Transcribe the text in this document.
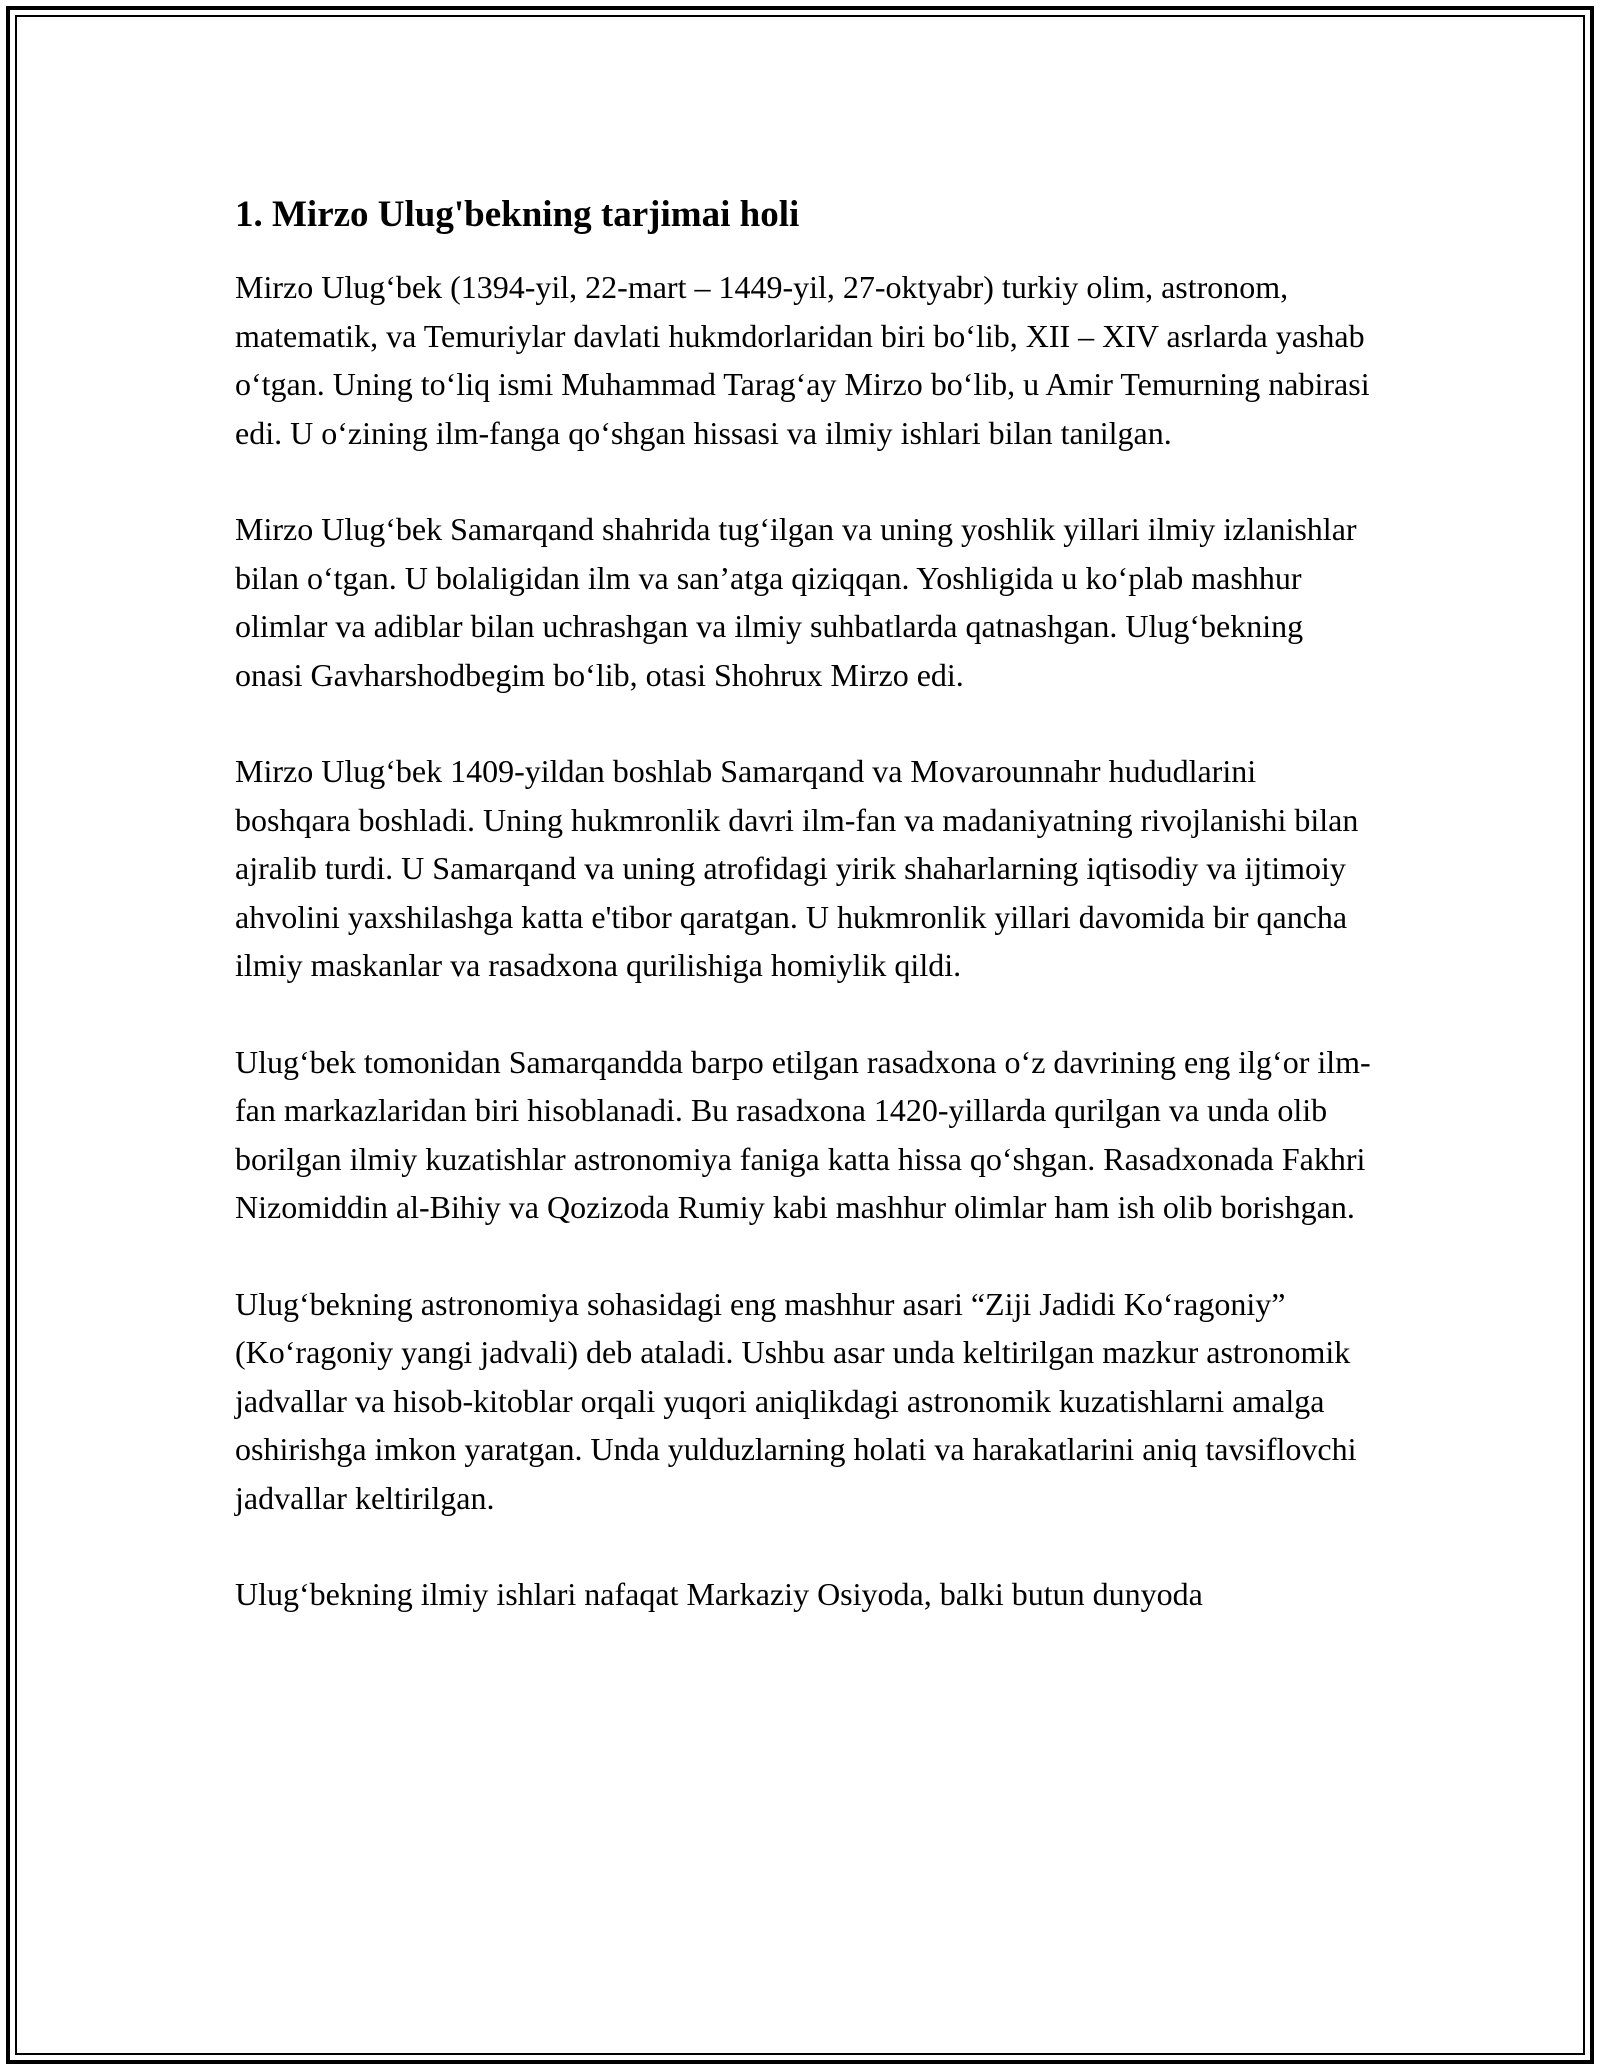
1. Mirzo Ulug'bekning tarjimai holi

Mirzo Ulug‘bek (1394-yil, 22-mart – 1449-yil, 27-oktyabr) turkiy olim, astronom, matematik, va Temuriylar davlati hukmdorlaridan biri bo‘lib, XII – XIV asrlarda yashab o‘tgan. Uning to‘liq ismi Muhammad Tarag‘ay Mirzo bo‘lib, u Amir Temurning nabirasi edi. U o‘zining ilm-fanga qo‘shgan hissasi va ilmiy ishlari bilan tanilgan.

Mirzo Ulug‘bek Samarqand shahrida tug‘ilgan va uning yoshlik yillari ilmiy izlanishlar bilan o‘tgan. U bolaligidan ilm va san’atga qiziqqan. Yoshligida u ko‘plab mashhur olimlar va adiblar bilan uchrashgan va ilmiy suhbatlarda qatnashgan. Ulug‘bekning onasi Gavharshodbegim bo‘lib, otasi Shohrux Mirzo edi.

Mirzo Ulug‘bek 1409-yildan boshlab Samarqand va Movarounnahr hududlarini boshqara boshladi. Uning hukmronlik davri ilm-fan va madaniyatning rivojlanishi bilan ajralib turdi. U Samarqand va uning atrofidagi yirik shaharlarning iqtisodiy va ijtimoiy ahvolini yaxshilashga katta e'tibor qaratgan. U hukmronlik yillari davomida bir qancha ilmiy maskanlar va rasadxona qurilishiga homiylik qildi.

Ulug‘bek tomonidan Samarqandda barpo etilgan rasadxona o‘z davrining eng ilg‘or ilm-fan markazlaridan biri hisoblanadi. Bu rasadxona 1420-yillarda qurilgan va unda olib borilgan ilmiy kuzatishlar astronomiya faniga katta hissa qo‘shgan. Rasadxonada Fakhri Nizomiddin al-Bihiy va Qozizoda Rumiy kabi mashhur olimlar ham ish olib borishgan.

Ulug‘bekning astronomiya sohasidagi eng mashhur asari “Ziji Jadidi Ko‘ragoniy” (Ko‘ragoniy yangi jadvali) deb ataladi. Ushbu asar unda keltirilgan mazkur astronomik jadvallar va hisob-kitoblar orqali yuqori aniqlikdagi astronomik kuzatishlarni amalga oshirishga imkon yaratgan. Unda yulduzlarning holati va harakatlarini aniq tavsiflovchi jadvallar keltirilgan.

Ulug‘bekning ilmiy ishlari nafaqat Markaziy Osiyoda, balki butun dunyoda
